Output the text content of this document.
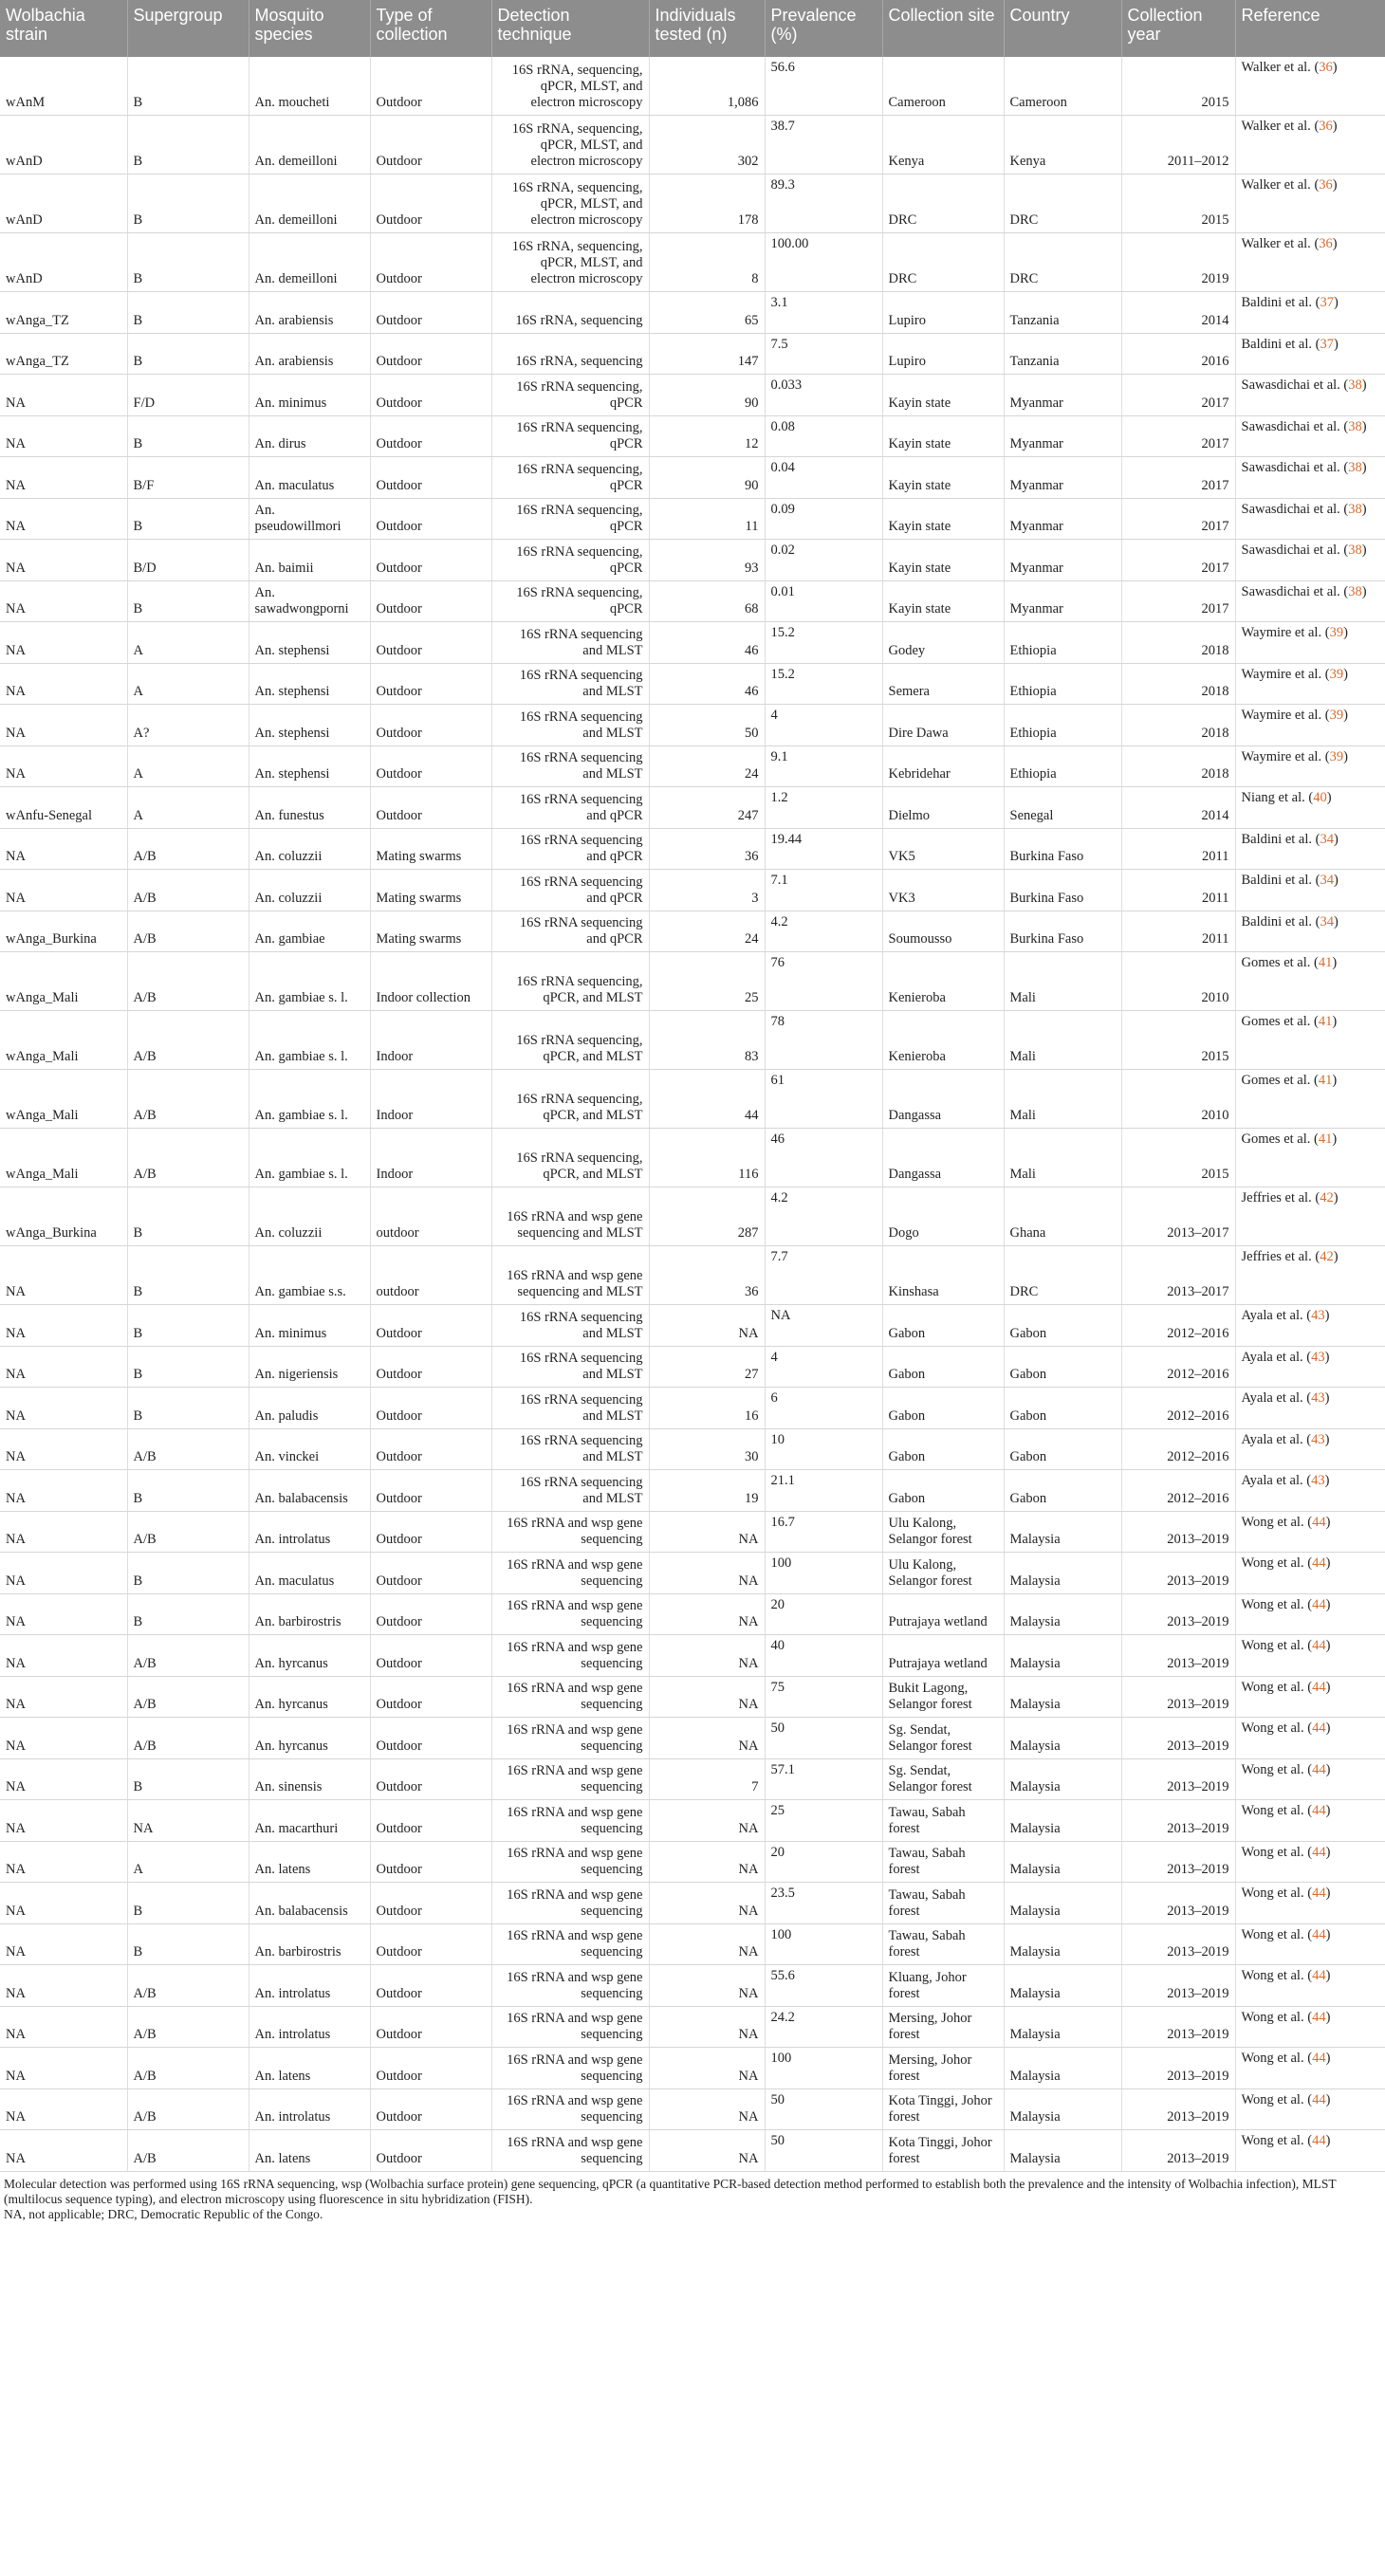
Wolbachia strain	Supergroup	Mosquito species	Type of collection	Detection technique	Individuals tested (n)	Prevalence (%)	Collection site	Country	Collection year	Reference
wAnM	B	An. moucheti	Outdoor	16S rRNA, sequencing, qPCR, MLST, and electron microscopy	1,086	56.6	Cameroon	Cameroon	2015	Walker et al. (36)
wAnD	B	An. demeilloni	Outdoor	16S rRNA, sequencing, qPCR, MLST, and electron microscopy	302	38.7	Kenya	Kenya	2011–2012	Walker et al. (36)
wAnD	B	An. demeilloni	Outdoor	16S rRNA, sequencing, qPCR, MLST, and electron microscopy	178	89.3	DRC	DRC	2015	Walker et al. (36)
wAnD	B	An. demeilloni	Outdoor	16S rRNA, sequencing, qPCR, MLST, and electron microscopy	8	100.00	DRC	DRC	2019	Walker et al. (36)
wAnga_TZ	B	An. arabiensis	Outdoor	16S rRNA, sequencing	65	3.1	Lupiro	Tanzania	2014	Baldini et al. (37)
wAnga_TZ	B	An. arabiensis	Outdoor	16S rRNA, sequencing	147	7.5	Lupiro	Tanzania	2016	Baldini et al. (37)
NA	F/D	An. minimus	Outdoor	16S rRNA sequencing, qPCR	90	0.033	Kayin state	Myanmar	2017	Sawasdichai et al. (38)
NA	B	An. dirus	Outdoor	16S rRNA sequencing, qPCR	12	0.08	Kayin state	Myanmar	2017	Sawasdichai et al. (38)
NA	B/F	An. maculatus	Outdoor	16S rRNA sequencing, qPCR	90	0.04	Kayin state	Myanmar	2017	Sawasdichai et al. (38)
NA	B	An. pseudowillmori	Outdoor	16S rRNA sequencing, qPCR	11	0.09	Kayin state	Myanmar	2017	Sawasdichai et al. (38)
NA	B/D	An. baimii	Outdoor	16S rRNA sequencing, qPCR	93	0.02	Kayin state	Myanmar	2017	Sawasdichai et al. (38)
NA	B	An. sawadwongporni	Outdoor	16S rRNA sequencing, qPCR	68	0.01	Kayin state	Myanmar	2017	Sawasdichai et al. (38)
NA	A	An. stephensi	Outdoor	16S rRNA sequencing and MLST	46	15.2	Godey	Ethiopia	2018	Waymire et al. (39)
NA	A	An. stephensi	Outdoor	16S rRNA sequencing and MLST	46	15.2	Semera	Ethiopia	2018	Waymire et al. (39)
NA	A?	An. stephensi	Outdoor	16S rRNA sequencing and MLST	50	4	Dire Dawa	Ethiopia	2018	Waymire et al. (39)
NA	A	An. stephensi	Outdoor	16S rRNA sequencing and MLST	24	9.1	Kebridehar	Ethiopia	2018	Waymire et al. (39)
wAnfu-Senegal	A	An. funestus	Outdoor	16S rRNA sequencing and qPCR	247	1.2	Dielmo	Senegal	2014	Niang et al. (40)
NA	A/B	An. coluzzii	Mating swarms	16S rRNA sequencing and qPCR	36	19.44	VK5	Burkina Faso	2011	Baldini et al. (34)
NA	A/B	An. coluzzii	Mating swarms	16S rRNA sequencing and qPCR	3	7.1	VK3	Burkina Faso	2011	Baldini et al. (34)
wAnga_Burkina	A/B	An. gambiae	Mating swarms	16S rRNA sequencing and qPCR	24	4.2	Soumousso	Burkina Faso	2011	Baldini et al. (34)
wAnga_Mali	A/B	An. gambiae s. l.	Indoor collection	16S rRNA sequencing, qPCR, and MLST	25	76	Kenieroba	Mali	2010	Gomes et al. (41)
wAnga_Mali	A/B	An. gambiae s. l.	Indoor	16S rRNA sequencing, qPCR, and MLST	83	78	Kenieroba	Mali	2015	Gomes et al. (41)
wAnga_Mali	A/B	An. gambiae s. l.	Indoor	16S rRNA sequencing, qPCR, and MLST	44	61	Dangassa	Mali	2010	Gomes et al. (41)
wAnga_Mali	A/B	An. gambiae s. l.	Indoor	16S rRNA sequencing, qPCR, and MLST	116	46	Dangassa	Mali	2015	Gomes et al. (41)
wAnga_Burkina	B	An. coluzzii	outdoor	16S rRNA and wsp gene sequencing and MLST	287	4.2	Dogo	Ghana	2013–2017	Jeffries et al. (42)
NA	B	An. gambiae s.s.	outdoor	16S rRNA and wsp gene sequencing and MLST	36	7.7	Kinshasa	DRC	2013–2017	Jeffries et al. (42)
NA	B	An. minimus	Outdoor	16S rRNA sequencing and MLST	NA	NA	Gabon	Gabon	2012–2016	Ayala et al. (43)
NA	B	An. nigeriensis	Outdoor	16S rRNA sequencing and MLST	27	4	Gabon	Gabon	2012–2016	Ayala et al. (43)
NA	B	An. paludis	Outdoor	16S rRNA sequencing and MLST	16	6	Gabon	Gabon	2012–2016	Ayala et al. (43)
NA	A/B	An. vinckei	Outdoor	16S rRNA sequencing and MLST	30	10	Gabon	Gabon	2012–2016	Ayala et al. (43)
NA	B	An. balabacensis	Outdoor	16S rRNA sequencing and MLST	19	21.1	Gabon	Gabon	2012–2016	Ayala et al. (43)
NA	A/B	An. introlatus	Outdoor	16S rRNA and wsp gene sequencing	NA	16.7	Ulu Kalong, Selangor forest	Malaysia	2013–2019	Wong et al. (44)
NA	B	An. maculatus	Outdoor	16S rRNA and wsp gene sequencing	NA	100	Ulu Kalong, Selangor forest	Malaysia	2013–2019	Wong et al. (44)
NA	B	An. barbirostris	Outdoor	16S rRNA and wsp gene sequencing	NA	20	Putrajaya wetland	Malaysia	2013–2019	Wong et al. (44)
NA	A/B	An. hyrcanus	Outdoor	16S rRNA and wsp gene sequencing	NA	40	Putrajaya wetland	Malaysia	2013–2019	Wong et al. (44)
NA	A/B	An. hyrcanus	Outdoor	16S rRNA and wsp gene sequencing	NA	75	Bukit Lagong, Selangor forest	Malaysia	2013–2019	Wong et al. (44)
NA	A/B	An. hyrcanus	Outdoor	16S rRNA and wsp gene sequencing	NA	50	Sg. Sendat, Selangor forest	Malaysia	2013–2019	Wong et al. (44)
NA	B	An. sinensis	Outdoor	16S rRNA and wsp gene sequencing	7	57.1	Sg. Sendat, Selangor forest	Malaysia	2013–2019	Wong et al. (44)
NA	NA	An. macarthuri	Outdoor	16S rRNA and wsp gene sequencing	NA	25	Tawau, Sabah forest	Malaysia	2013–2019	Wong et al. (44)
NA	A	An. latens	Outdoor	16S rRNA and wsp gene sequencing	NA	20	Tawau, Sabah forest	Malaysia	2013–2019	Wong et al. (44)
NA	B	An. balabacensis	Outdoor	16S rRNA and wsp gene sequencing	NA	23.5	Tawau, Sabah forest	Malaysia	2013–2019	Wong et al. (44)
NA	B	An. barbirostris	Outdoor	16S rRNA and wsp gene sequencing	NA	100	Tawau, Sabah forest	Malaysia	2013–2019	Wong et al. (44)
NA	A/B	An. introlatus	Outdoor	16S rRNA and wsp gene sequencing	NA	55.6	Kluang, Johor forest	Malaysia	2013–2019	Wong et al. (44)
NA	A/B	An. introlatus	Outdoor	16S rRNA and wsp gene sequencing	NA	24.2	Mersing, Johor forest	Malaysia	2013–2019	Wong et al. (44)
NA	A/B	An. latens	Outdoor	16S rRNA and wsp gene sequencing	NA	100	Mersing, Johor forest	Malaysia	2013–2019	Wong et al. (44)
NA	A/B	An. introlatus	Outdoor	16S rRNA and wsp gene sequencing	NA	50	Kota Tinggi, Johor forest	Malaysia	2013–2019	Wong et al. (44)
NA	A/B	An. latens	Outdoor	16S rRNA and wsp gene sequencing	NA	50	Kota Tinggi, Johor forest	Malaysia	2013–2019	Wong et al. (44)
Molecular detection was performed using 16S rRNA sequencing, wsp (Wolbachia surface protein) gene sequencing, qPCR (a quantitative PCR-based detection method performed to establish both the prevalence and the intensity of Wolbachia infection), MLST (multilocus sequence typing), and electron microscopy using fluorescence in situ hybridization (FISH).
NA, not applicable; DRC, Democratic Republic of the Congo.
